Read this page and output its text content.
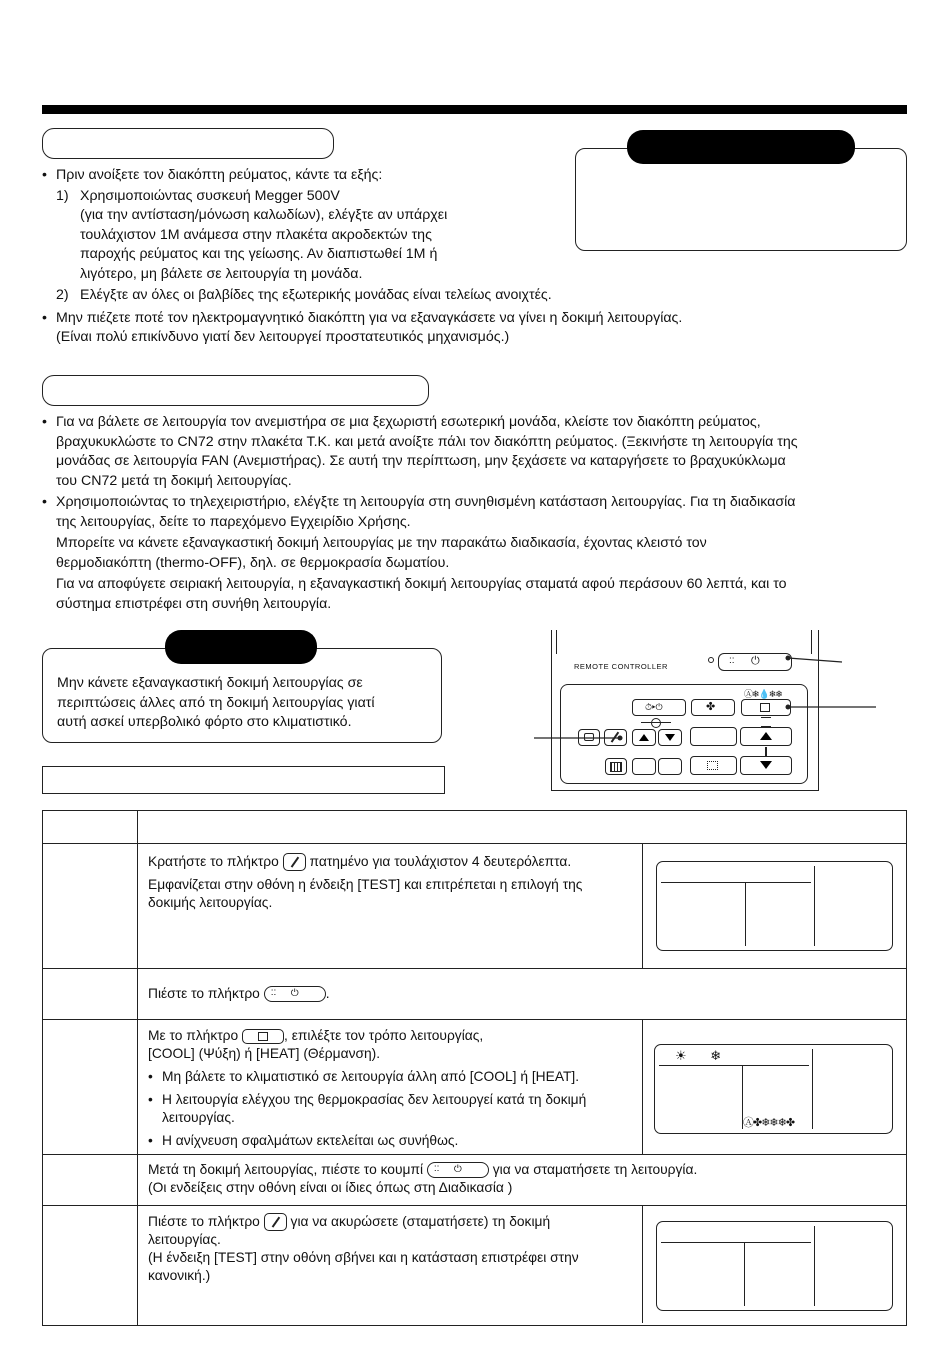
• Πριν ανοίξετε τον διακόπτη ρεύματος, κάντε τα εξής:

1) Χρησιμοποιώντας συσκευή Megger 500V

(για την αντίσταση/μόνωση καλωδίων), ελέγξτε αν υπάρχει

τουλάχιστον 1M ανάμεσα στην πλακέτα ακροδεκτών της

παροχής ρεύματος και της γείωσης. Αν διαπιστωθεί 1M ή

λιγότερο, μη βάλετε σε λειτουργία τη μονάδα.

2) Ελέγξτε αν όλες οι βαλβίδες της εξωτερικής μονάδας είναι τελείως ανοιχτές.

• Μην πιέζετε ποτέ τον ηλεκτρομαγνητικό διακόπτη για να εξαναγκάσετε να γίνει η δοκιμή λειτουργίας.

(Είναι πολύ επικίνδυνο γιατί δεν λειτουργεί προστατευτικός μηχανισμός.)

• Για να βάλετε σε λειτουργία τον ανεμιστήρα σε μια ξεχωριστή εσωτερική μονάδα, κλείστε τον διακόπτη ρεύματος,

βραχυκυκλώστε το CN72 στην πλακέτα Τ.Κ. και μετά ανοίξτε πάλι τον διακόπτη ρεύματος. (Ξεκινήστε τη λειτουργία της

μονάδας σε λειτουργία FAN (Ανεμιστήρας). Σε αυτή την περίπτωση, μην ξεχάσετε να καταργήσετε το βραχυκύκλωμα

του CN72 μετά τη δοκιμή λειτουργίας.

• Χρησιμοποιώντας το τηλεχειριστήριο, ελέγξτε τη λειτουργία στη συνηθισμένη κατάσταση λειτουργίας. Για τη διαδικασία

της λειτουργίας, δείτε το παρεχόμενο Εγχειρίδιο Χρήσης.

Μπορείτε να κάνετε εξαναγκαστική δοκιμή λειτουργίας με την παρακάτω διαδικασία, έχοντας κλειστό τον

θερμοδιακόπτη (thermo-OFF), δηλ. σε θερμοκρασία δωματίου.

Για να αποφύγετε σειριακή λειτουργία, η εξαναγκαστική δοκιμή λειτουργίας σταματά αφού περάσουν 60 λεπτά, και το

σύστημα επιστρέφει στη συνήθη λειτουργία.

Μην κάνετε εξαναγκαστική δοκιμή λειτουργίας σε

περιπτώσεις άλλες από τη δοκιμή λειτουργίας γιατί

αυτή ασκεί υπερβολικό φόρτο στο κλιματιστικό.

REMOTE CONTROLLER
:: ⏻
Ⓐ❄💧❄❄
⏱▸⏻	✤

Κρατήστε το πλήκτρο πατημένο για τουλάχιστον 4 δευτερόλεπτα.

Εμφανίζεται στην οθόνη η ένδειξη [TEST] και επιτρέπεται η επιλογή της

δοκιμής λειτουργίας.

Πιέστε το πλήκτρο :: ⏻ .

Με το πλήκτρο	, επιλέξτε τον τρόπο λειτουργίας,

[COOL] (Ψύξη) ή [HEAT] (Θέρμανση).

• Μη βάλετε το κλιματιστικό σε λειτουργία άλλη από [COOL] ή [HEAT].

• Η λειτουργία ελέγχου της θερμοκρασίας δεν λειτουργεί κατά τη δοκιμή

λειτουργίας.

• Η ανίχνευση σφαλμάτων εκτελείται ως συνήθως.

☀ ❄
Ⓐ✤❄❄❄✤

Μετά τη δοκιμή λειτουργίας, πιέστε το κουμπί :: ⏻ για να σταματήσετε τη λειτουργία.

(Οι ενδείξεις στην οθόνη είναι οι ίδιες όπως στη Διαδικασία )

Πιέστε το πλήκτρο για να ακυρώσετε (σταματήσετε) τη δοκιμή

λειτουργίας.

(Η ένδειξη [TEST] στην οθόνη σβήνει και η κατάσταση επιστρέφει στην

κανονική.)
